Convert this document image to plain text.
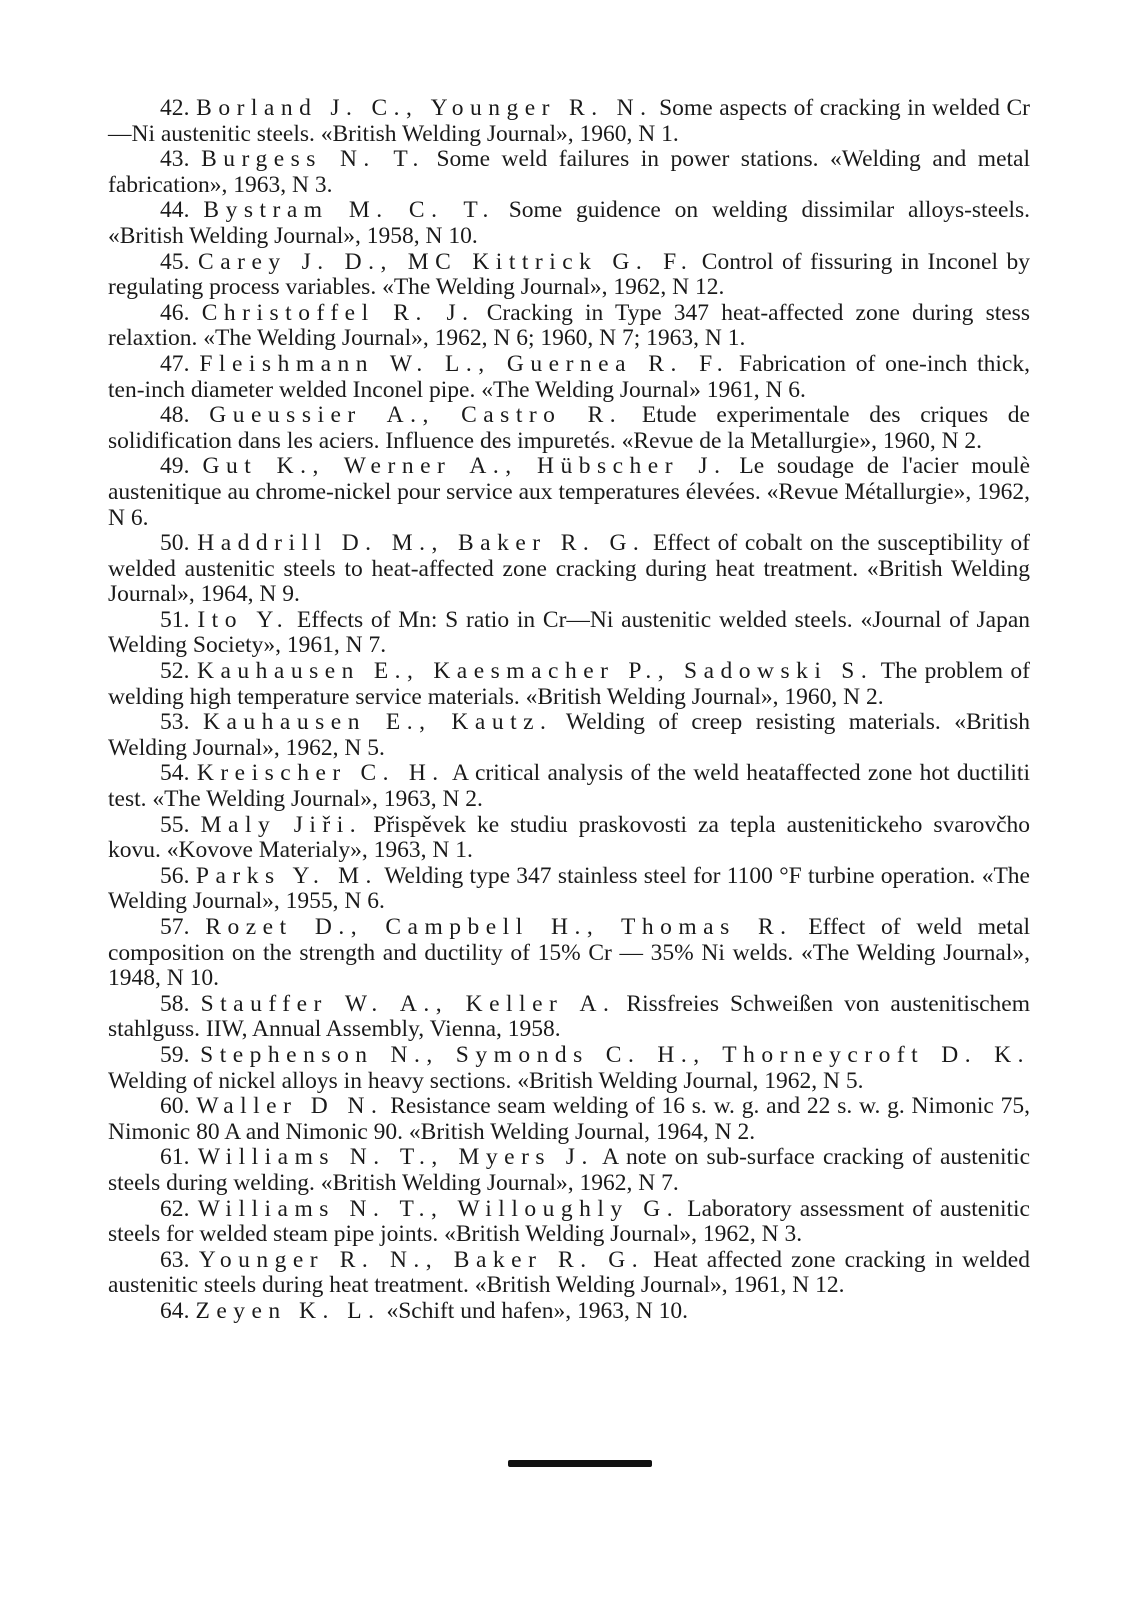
42. Borland J. C., Younger R. N. Some aspects of cracking in welded Cr—Ni austenitic steels. «British Welding Journal», 1960, N 1.

43. Burgess N. T. Some weld failures in power stations. «Welding and metal fabrication», 1963, N 3.

44. Bystram M. C. T. Some guidence on welding dissimilar alloys-steels. «British Welding Journal», 1958, N 10.

45. Carey J. D., MC Kittrick G. F. Control of fissuring in Inconel by regulating process variables. «The Welding Journal», 1962, N 12.

46. Christoffel R. J. Cracking in Type 347 heat-affected zone during stess relaxtion. «The Welding Journal», 1962, N 6; 1960, N 7; 1963, N 1.

47. Fleishmann W. L., Guernea R. F. Fabrication of one-inch thick, ten-inch diameter welded Inconel pipe. «The Welding Journal» 1961, N 6.

48. Gueussier A., Castro R. Etude experimentale des criques de solidification dans les aciers. Influence des impuretés. «Revue de la Metallurgie», 1960, N 2.

49. Gut K., Werner A., Hübscher J. Le soudage de l'acier moulè austenitique au chrome-nickel pour service aux temperatures élevées. «Revue Métallurgie», 1962, N 6.

50. Haddrill D. M., Baker R. G. Effect of cobalt on the susceptibility of welded austenitic steels to heat-affected zone cracking during heat treatment. «British Welding Journal», 1964, N 9.

51. Ito Y. Effects of Mn: S ratio in Cr—Ni austenitic welded steels. «Journal of Japan Welding Society», 1961, N 7.

52. Kauhausen E., Kaesmacher P., Sadowski S. The problem of welding high temperature service materials. «British Welding Journal», 1960, N 2.

53. Kauhausen E., Kautz. Welding of creep resisting materials. «British Welding Journal», 1962, N 5.

54. Kreischer C. H. A critical analysis of the weld heataffected zone hot ductiliti test. «The Welding Journal», 1963, N 2.

55. Maly Jiři. Přispěvek ke studiu praskovosti za tepla austenitickeho svarovčho kovu. «Kovove Materialy», 1963, N 1.

56. Parks Y. M. Welding type 347 stainless steel for 1100 °F turbine operation. «The Welding Journal», 1955, N 6.

57. Rozet D., Campbell H., Thomas R. Effect of weld metal composition on the strength and ductility of 15% Cr — 35% Ni welds. «The Welding Journal», 1948, N 10.

58. Stauffer W. A., Keller A. Rissfreies Schweißen von austenitischem stahlguss. IIW, Annual Assembly, Vienna, 1958.

59. Stephenson N., Symonds C. H., Thorneycroft D. K. Welding of nickel alloys in heavy sections. «British Welding Journal, 1962, N 5.

60. Waller D N. Resistance seam welding of 16 s. w. g. and 22 s. w. g. Nimonic 75, Nimonic 80 A and Nimonic 90. «British Welding Journal, 1964, N 2.

61. Williams N. T., Myers J. A note on sub-surface cracking of austenitic steels during welding. «British Welding Journal», 1962, N 7.

62. Williams N. T., Willoughly G. Laboratory assessment of austenitic steels for welded steam pipe joints. «British Welding Journal», 1962, N 3.

63. Younger R. N., Baker R. G. Heat affected zone cracking in welded austenitic steels during heat treatment. «British Welding Journal», 1961, N 12.

64. Zeyen K. L. «Schift und hafen», 1963, N 10.
